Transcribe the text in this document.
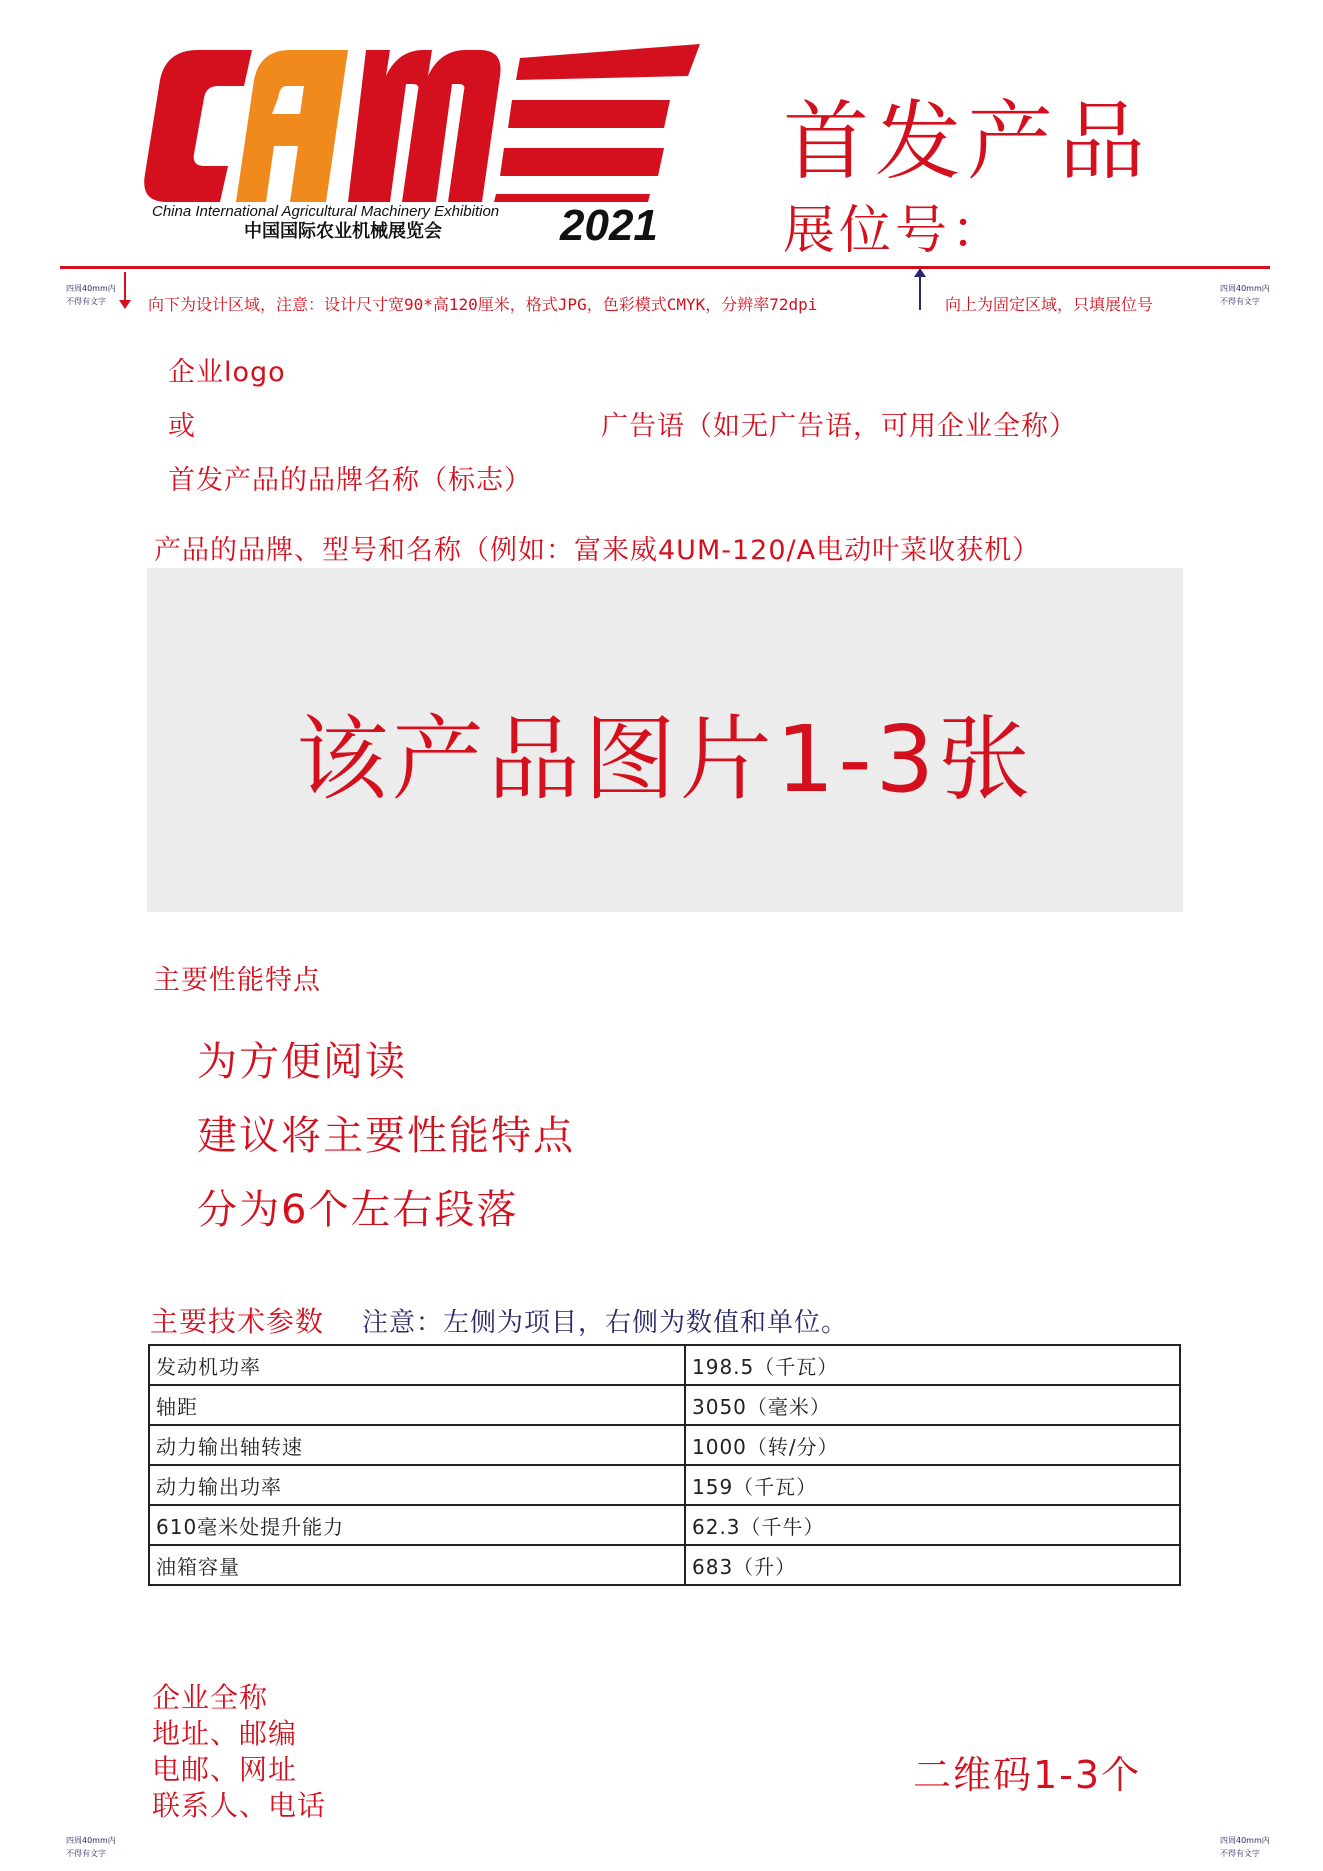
China International Agricultural Machinery Exhibition
中国国际农业机械展览会	2021
首发产品
展位号：
四周40mm内
不得有文字
四周40mm内
不得有文字
四周40mm内
不得有文字
四周40mm内
不得有文字
向下为设计区域，注意：设计尺寸宽90*高120厘米，格式JPG，色彩模式CMYK，分辨率72dpi	向上为固定区域，只填展位号
企业logo
或
首发产品的品牌名称（标志）
广告语（如无广告语，可用企业全称）
产品的品牌、型号和名称（例如：富来威4UM-120/A电动叶菜收获机）
该产品图片1-3张
主要性能特点
为方便阅读
建议将主要性能特点
分为6个左右段落
主要技术参数 注意：左侧为项目，右侧为数值和单位。
发动机功率	198.5（千瓦）
轴距	3050（毫米）
动力输出轴转速	1000（转/分）
动力输出功率	159（千瓦）
610毫米处提升能力	62.3（千牛）
油箱容量	683（升）
企业全称
地址、邮编
电邮、网址
联系人、电话
二维码1-3个
